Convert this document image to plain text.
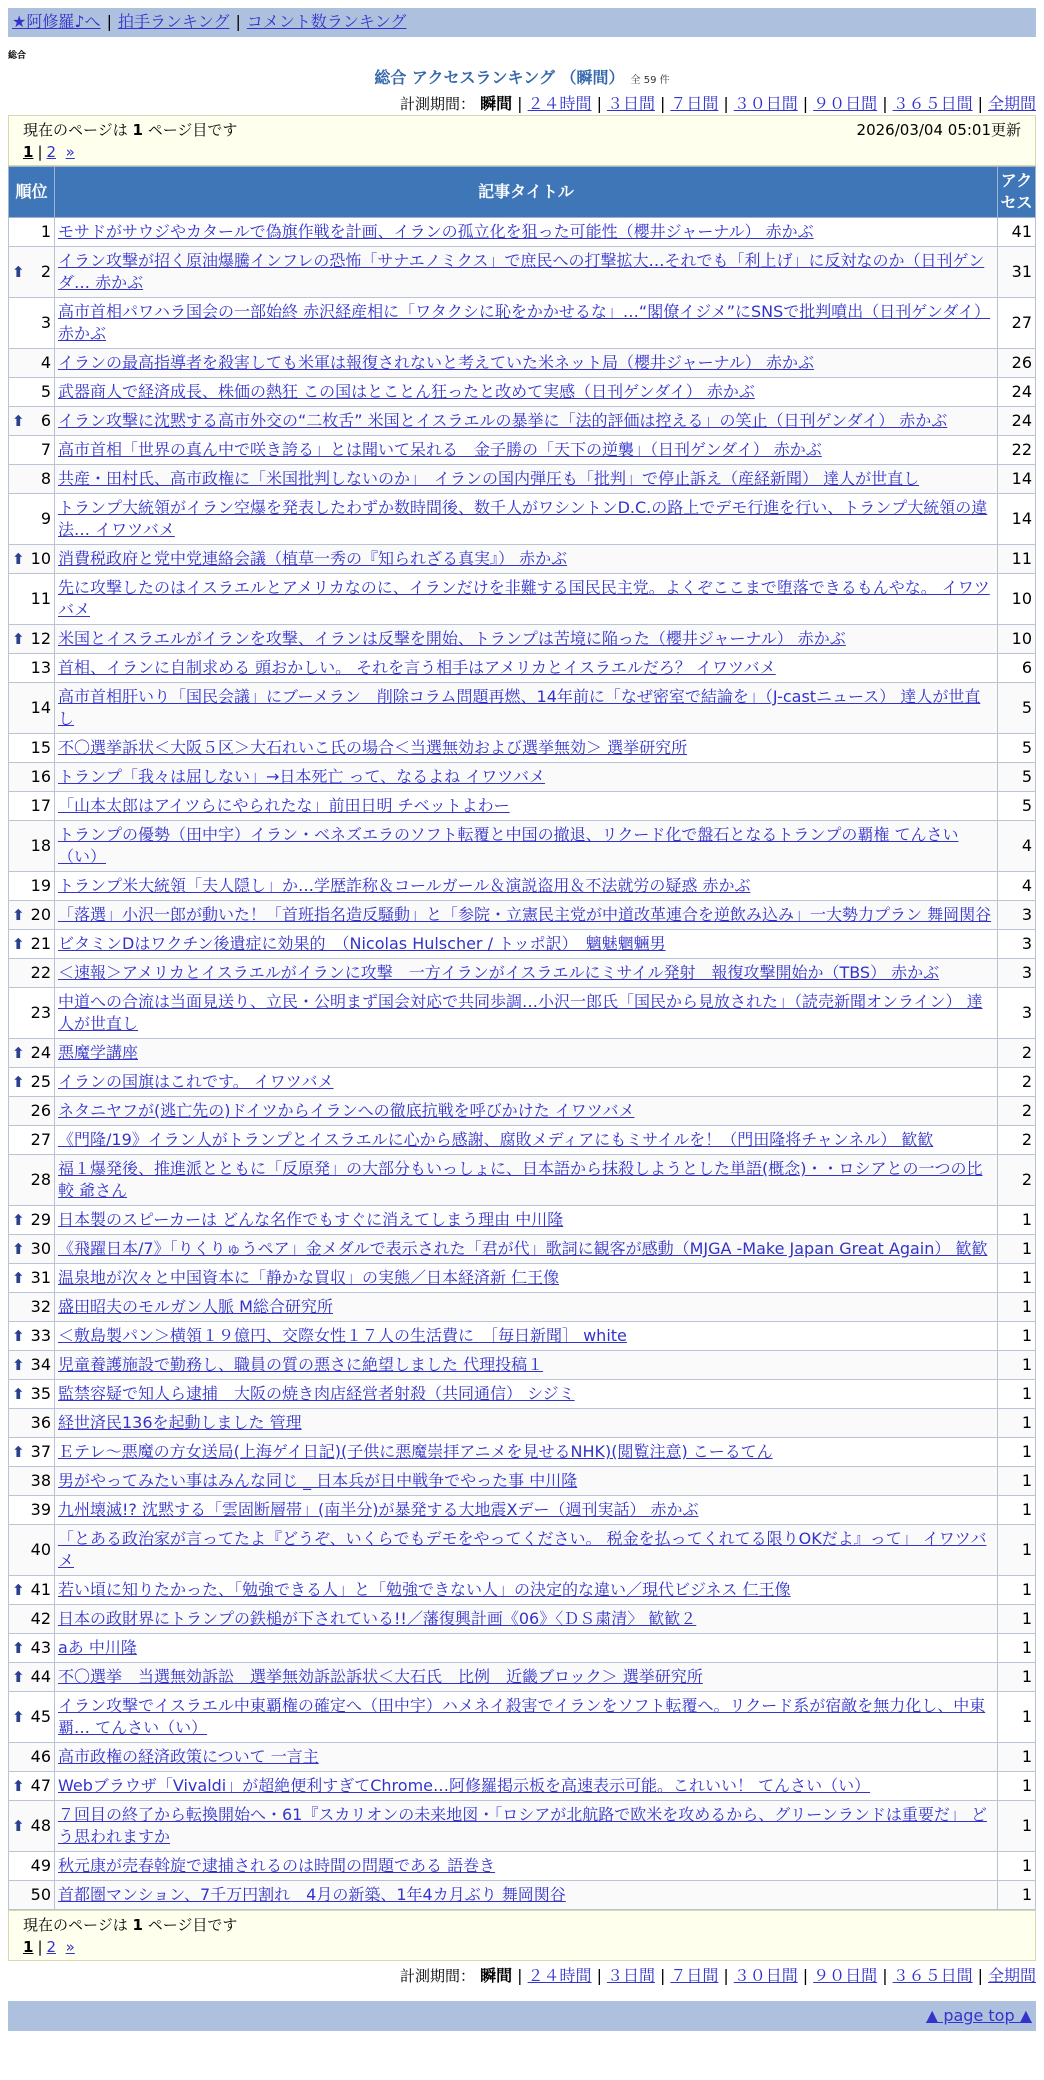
★阿修羅♪へ | 拍手ランキング | コメント数ランキング
総合
総合 アクセスランキング （瞬間） 全 59 件
計測期間： 瞬間 | ２４時間 | ３日間 | ７日間 | ３０日間 | ９０日間 | ３６５日間 | 全期間
現在のページは 1 ページ目です	2026/03/04 05:01更新
1 | 2 »
順位	記事タイトル	アクセス
1	モサドがサウジやカタールで偽旗作戦を計画、イランの孤立化を狙った可能性（櫻井ジャーナル） 赤かぶ	41

⬆ 2	イラン攻撃が招く原油爆騰インフレの恐怖「サナエノミクス」で庶民への打撃拡大…それでも「利上げ」に反対なのか（日刊ゲンダ… 赤かぶ	31
3	高市首相パワハラ国会の一部始終 赤沢経産相に「ワタクシに恥をかかせるな」…“閣僚イジメ”にSNSで批判噴出（日刊ゲンダイ） 赤かぶ	27
4	イランの最高指導者を殺害しても米軍は報復されないと考えていた米ネット局（櫻井ジャーナル） 赤かぶ	26
5	武器商人で経済成長、株価の熱狂 この国はとことん狂ったと改めて実感（日刊ゲンダイ） 赤かぶ	24

⬆ 6	イラン攻撃に沈黙する高市外交の“二枚舌” 米国とイスラエルの暴挙に「法的評価は控える」の笑止（日刊ゲンダイ） 赤かぶ	24
7	高市首相「世界の真ん中で咲き誇る」とは聞いて呆れる　金子勝の「天下の逆襲」（日刊ゲンダイ） 赤かぶ	22
8	共産・田村氏、高市政権に「米国批判しないのか」　イランの国内弾圧も「批判」で停止訴え（産経新聞） 達人が世直し	14
9	トランプ大統領がイラン空爆を発表したわずか数時間後、数千人がワシントンD.C.の路上でデモ行進を行い、トランプ大統領の違法… イワツバメ	14

⬆ 10	消費税政府と党中党連絡会議（植草一秀の『知られざる真実』） 赤かぶ	11
11	先に攻撃したのはイスラエルとアメリカなのに、イランだけを非難する国民民主党。よくぞここまで堕落できるもんやな。 イワツバメ	10

⬆ 12	米国とイスラエルがイランを攻撃、イランは反撃を開始、トランプは苦境に陥った（櫻井ジャーナル） 赤かぶ	10
13	首相、イランに自制求める 頭おかしい。 それを言う相手はアメリカとイスラエルだろ？ イワツバメ	6
14	高市首相肝いり「国民会議」にブーメラン　削除コラム問題再燃、14年前に「なぜ密室で結論を」（J-castニュース） 達人が世直し	5
15	不〇選挙訴状＜大阪５区＞大石れいこ氏の場合＜当選無効および選挙無効＞ 選挙研究所	5
16	トランプ「我々は屈しない」→日本死亡 って、なるよね イワツバメ	5
17	「山本太郎はアイツらにやられたな」前田日明 チベットよわー	5
18	トランプの優勢（田中宇）イラン・ベネズエラのソフト転覆と中国の撤退、リクード化で盤石となるトランプの覇権 てんさい（い）	4
19	トランプ米大統領「夫人隠し」か…学歴詐称＆コールガール＆演説盗用＆不法就労の疑惑 赤かぶ	4

⬆ 20	「落選」小沢一郎が動いた！「首班指名造反騒動」と「参院・立憲民主党が中道改革連合を逆飲み込み」一大勢力プラン 舞岡関谷	3

⬆ 21	ビタミンDはワクチン後遺症に効果的　（Nicolas Hulscher / トッポ訳）　魑魅魍魎男	3
22	＜速報＞アメリカとイスラエルがイランに攻撃　一方イランがイスラエルにミサイル発射　報復攻撃開始か（TBS） 赤かぶ	3
23	中道への合流は当面見送り、立民・公明まず国会対応で共同歩調…小沢一郎氏「国民から見放された」（読売新聞オンライン） 達人が世直し	3

⬆ 24	悪魔学講座	2

⬆ 25	イランの国旗はこれです。 イワツバメ	2
26	ネタニヤフが(逃亡先の)ドイツからイランへの徹底抗戦を呼びかけた イワツバメ	2
27	《門隆/19》イラン人がトランプとイスラエルに心から感謝、腐敗メディアにもミサイルを！（門田隆将チャンネル） 歓歓	2
28	福１爆発後、推進派とともに「反原発」の大部分もいっしょに、日本語から抹殺しようとした単語(概念)・・ロシアとの一つの比較 爺さん	2

⬆ 29	日本製のスピーカーは どんな名作でもすぐに消えてしまう理由 中川隆	1

⬆ 30	《飛躍日本/7》「りくりゅうペア」金メダルで表示された「君が代」歌詞に観客が感動（MJGA -Make Japan Great Again） 歓歓	1

⬆ 31	温泉地が次々と中国資本に「静かな買収」の実態／日本経済新 仁王像	1
32	盛田昭夫のモルガン人脈 M総合研究所	1

⬆ 33	＜敷島製パン＞横領１９億円、交際女性１７人の生活費に　［毎日新聞］ white	1

⬆ 34	児童養護施設で勤務し、職員の質の悪さに絶望しました 代理投稿１	1

⬆ 35	監禁容疑で知人ら逮捕　大阪の焼き肉店経営者射殺（共同通信） シジミ	1
36	経世済民136を起動しました 管理	1

⬆ 37	Ｅテレ～悪魔の方女送局(上海ゲイ日記)(子供に悪魔崇拝アニメを見せるNHK)(閲覧注意) こーるてん	1
38	男がやってみたい事はみんな同じ _ 日本兵が日中戦争でやった事 中川隆	1
39	九州壊滅!? 沈黙する「雲固断層帯」(南半分)が暴発する大地震Xデー（週刊実話） 赤かぶ	1
40	「とある政治家が言ってたよ『どうぞ、いくらでもデモをやってください。 税金を払ってくれてる限りOKだよ』って」 イワツバメ	1

⬆ 41	若い頃に知りたかった、「勉強できる人」と「勉強できない人」の決定的な違い／現代ビジネス 仁王像	1
42	日本の政財界にトランプの鉄槌が下されている!!／藩復興計画《06》〈ＤＳ粛清〉 歓歓２	1

⬆ 43	aあ 中川隆	1

⬆ 44	不〇選挙　当選無効訴訟　選挙無効訴訟訴状＜大石氏　比例　近畿ブロック＞ 選挙研究所	1

⬆ 45	イラン攻撃でイスラエル中東覇権の確定へ（田中宇）ハメネイ殺害でイランをソフト転覆へ。リクード系が宿敵を無力化し、中東覇… てんさい（い）	1
46	高市政権の経済政策について 一言主	1

⬆ 47	Webブラウザ「Vivaldi」が超絶便利すぎてChrome…阿修羅掲示板を高速表示可能。これいい！ てんさい（い）	1

⬆ 48	７回目の終了から転換開始へ・61『スカリオンの未来地図・「ロシアが北航路で欧米を攻めるから、グリーンランドは重要だ」 どう思われますか	1
49	秋元康が売春斡旋で逮捕されるのは時間の問題である 語巻き	1
50	首都圏マンション、7千万円割れ　4月の新築、1年4カ月ぶり 舞岡関谷	1
現在のページは 1 ページ目です
1 | 2 »
計測期間： 瞬間 | ２４時間 | ３日間 | ７日間 | ３０日間 | ９０日間 | ３６５日間 | 全期間
▲ page top ▲
